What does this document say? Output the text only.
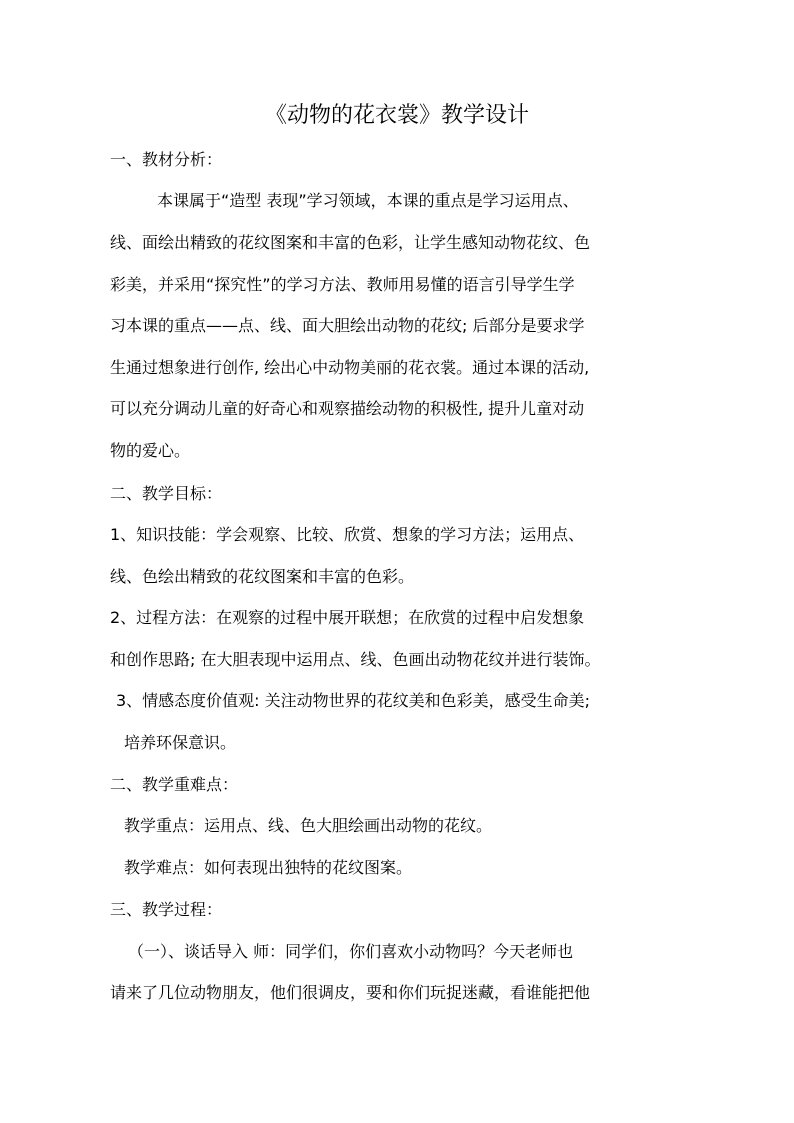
《动物的花衣裳》教学设计
一、教材分析：
本课属于“造型 表现”学习领域，本课的重点是学习运用点、
线、面绘出精致的花纹图案和丰富的色彩，让学生感知动物花纹、色
彩美，并采用“探究性”的学习方法、教师用易懂的语言引导学生学
习本课的重点——点、线、面大胆绘出动物的花纹; 后部分是要求学
生通过想象进行创作, 绘出心中动物美丽的花衣裳。通过本课的活动,
可以充分调动儿童的好奇心和观察描绘动物的积极性, 提升儿童对动
物的爱心。
二、教学目标：
1、知识技能：学会观察、比较、欣赏、想象的学习方法；运用点、
线、色绘出精致的花纹图案和丰富的色彩。
2、过程方法：在观察的过程中展开联想；在欣赏的过程中启发想象
和创作思路; 在大胆表现中运用点、线、色画出动物花纹并进行装饰。
3、情感态度价值观: 关注动物世界的花纹美和色彩美，感受生命美;
培养环保意识。
二、教学重难点：
教学重点：运用点、线、色大胆绘画出动物的花纹。
教学难点：如何表现出独特的花纹图案。
三、教学过程：
（一）、谈话导入 师：同学们，你们喜欢小动物吗？今天老师也
请来了几位动物朋友，他们很调皮，要和你们玩捉迷藏，看谁能把他
